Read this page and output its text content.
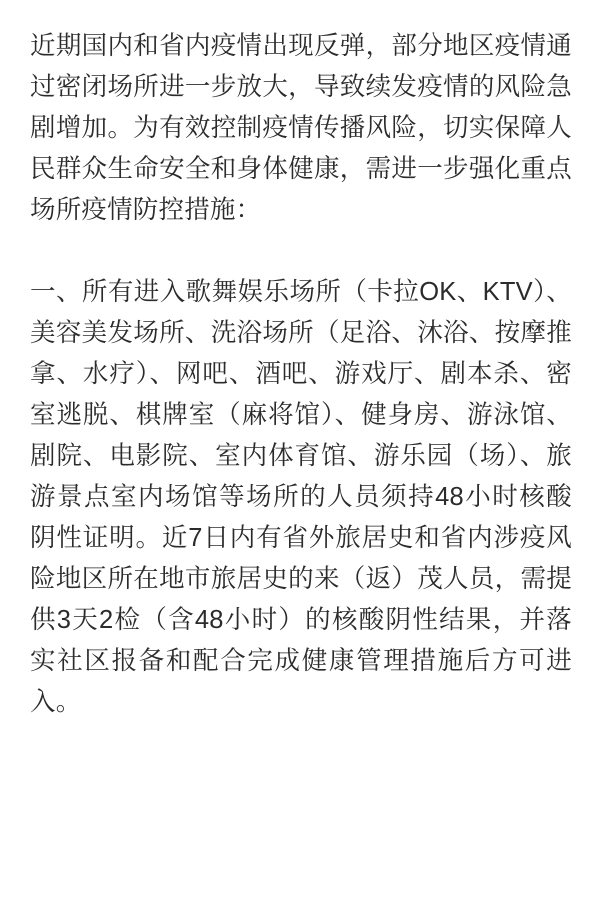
近期国内和省内疫情出现反弹，部分地区疫情通过密闭场所进一步放大，导致续发疫情的风险急剧增加。为有效控制疫情传播风险，切实保障人民群众生命安全和身体健康，需进一步强化重点场所疫情防控措施：

一、所有进入歌舞娱乐场所（卡拉OK、KTV）、美容美发场所、洗浴场所（足浴、沐浴、按摩推拿、水疗）、网吧、酒吧、游戏厅、剧本杀、密室逃脱、棋牌室（麻将馆）、健身房、游泳馆、剧院、电影院、室内体育馆、游乐园（场）、旅游景点室内场馆等场所的人员须持48小时核酸阴性证明。近7日内有省外旅居史和省内涉疫风险地区所在地市旅居史的来（返）茂人员，需提供3天2检（含48小时）的核酸阴性结果，并落实社区报备和配合完成健康管理措施后方可进入。
